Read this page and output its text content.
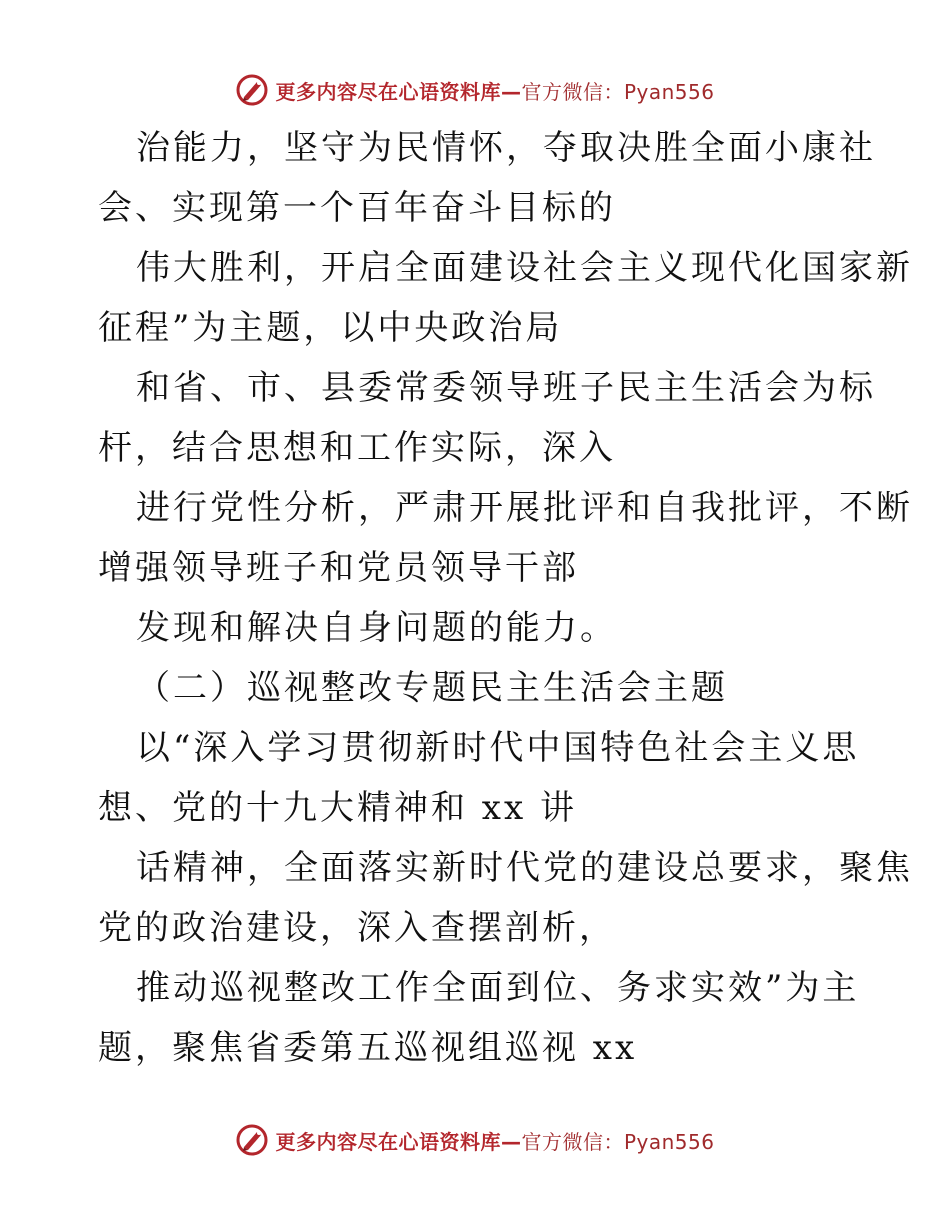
更多内容尽在心语资料库—官方微信：Pyan556
治能力，坚守为民情怀，夺取决胜全面小康社
会、实现第一个百年奋斗目标的
伟大胜利，开启全面建设社会主义现代化国家新
征程”为主题，以中央政治局
和省、市、县委常委领导班子民主生活会为标
杆，结合思想和工作实际，深入
进行党性分析，严肃开展批评和自我批评，不断
增强领导班子和党员领导干部
发现和解决自身问题的能力。
（二）巡视整改专题民主生活会主题
以“深入学习贯彻新时代中国特色社会主义思
想、党的十九大精神和 xx 讲
话精神，全面落实新时代党的建设总要求，聚焦
党的政治建设，深入查摆剖析，
推动巡视整改工作全面到位、务求实效”为主
题，聚焦省委第五巡视组巡视 xx
更多内容尽在心语资料库—官方微信：Pyan556
